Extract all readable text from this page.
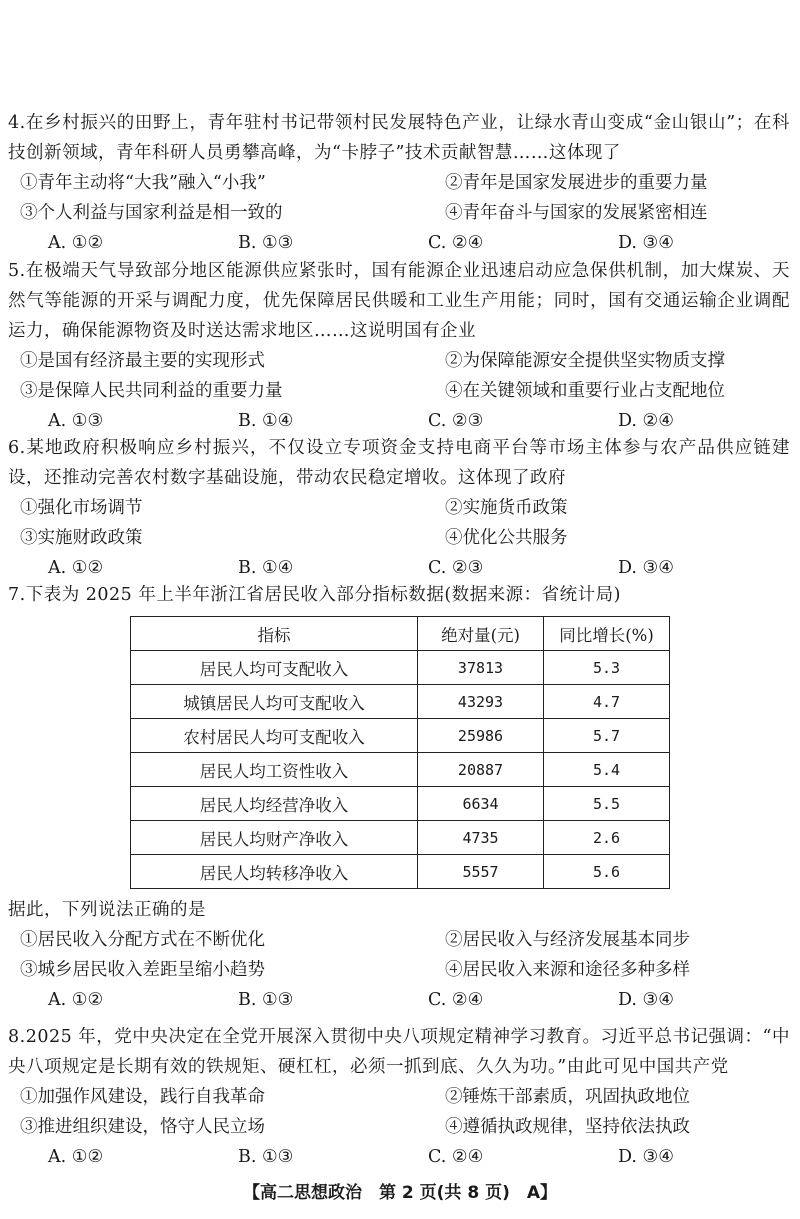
4.在乡村振兴的田野上，青年驻村书记带领村民发展特色产业，让绿水青山变成“金山银山”；在科技创新领域，青年科研人员勇攀高峰，为“卡脖子”技术贡献智慧……这体现了

①青年主动将“大我”融入“小我”	②青年是国家发展进步的重要力量
③个人利益与国家利益是相一致的	④青年奋斗与国家的发展紧密相连
A. ①②	B. ①③	C. ②④	D. ③④

5.在极端天气导致部分地区能源供应紧张时，国有能源企业迅速启动应急保供机制，加大煤炭、天然气等能源的开采与调配力度，优先保障居民供暖和工业生产用能；同时，国有交通运输企业调配运力，确保能源物资及时送达需求地区……这说明国有企业

①是国有经济最主要的实现形式	②为保障能源安全提供坚实物质支撑
③是保障人民共同利益的重要力量	④在关键领域和重要行业占支配地位
A. ①③	B. ①④	C. ②③	D. ②④

6.某地政府积极响应乡村振兴，不仅设立专项资金支持电商平台等市场主体参与农产品供应链建设，还推动完善农村数字基础设施，带动农民稳定增收。这体现了政府

①强化市场调节	②实施货币政策
③实施财政政策	④优化公共服务
A. ①②	B. ①④	C. ②③	D. ③④

7.下表为 2025 年上半年浙江省居民收入部分指标数据(数据来源：省统计局)

指标	绝对量(元)	同比增长(%)
居民人均可支配收入	37813	5.3
城镇居民人均可支配收入	43293	4.7
农村居民人均可支配收入	25986	5.7
居民人均工资性收入	20887	5.4
居民人均经营净收入	6634	5.5
居民人均财产净收入	4735	2.6
居民人均转移净收入	5557	5.6

据此，下列说法正确的是

①居民收入分配方式在不断优化	②居民收入与经济发展基本同步
③城乡居民收入差距呈缩小趋势	④居民收入来源和途径多种多样
A. ①②	B. ①③	C. ②④	D. ③④

8.2025 年，党中央决定在全党开展深入贯彻中央八项规定精神学习教育。习近平总书记强调：“中央八项规定是长期有效的铁规矩、硬杠杠，必须一抓到底、久久为功。”由此可见中国共产党

①加强作风建设，践行自我革命	②锤炼干部素质，巩固执政地位
③推进组织建设，恪守人民立场	④遵循执政规律，坚持依法执政
A. ①②	B. ①③	C. ②④	D. ③④
【高二思想政治　第 2 页(共 8 页)　A】
